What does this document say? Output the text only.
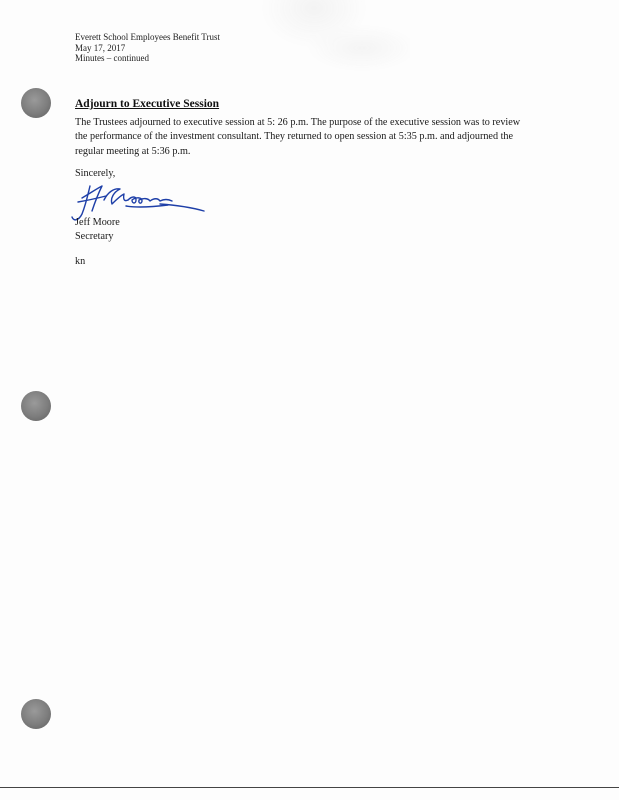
Everett School Employees Benefit Trust
May 17, 2017
Minutes – continued
Adjourn to Executive Session
The Trustees adjourned to executive session at 5: 26 p.m. The purpose of the executive session was to review the performance of the investment consultant. They returned to open session at 5:35 p.m. and adjourned the regular meeting at 5:36 p.m.
Sincerely,
Jeff Moore
Secretary
kn
